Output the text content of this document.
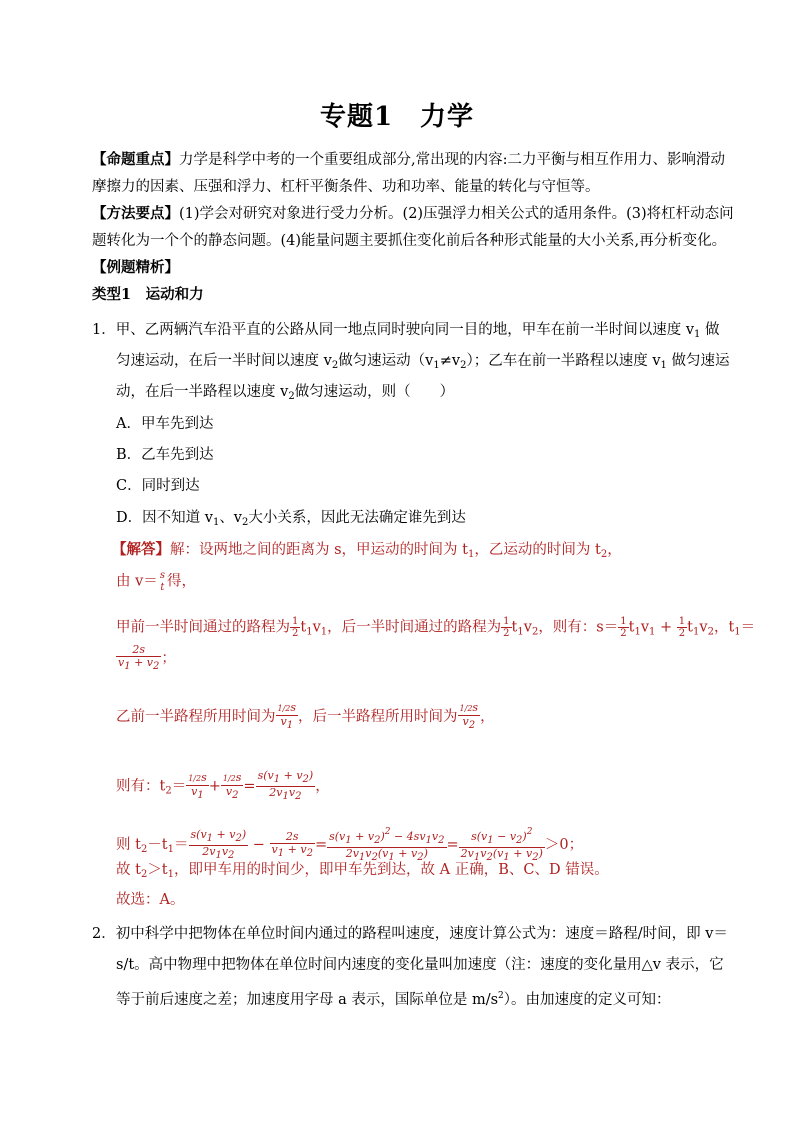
专题1　力学
【命题重点】力学是科学中考的一个重要组成部分,常出现的内容:二力平衡与相互作用力、影响滑动
摩擦力的因素、压强和浮力、杠杆平衡条件、功和功率、能量的转化与守恒等。
【方法要点】(1)学会对研究对象进行受力分析。(2)压强浮力相关公式的适用条件。(3)将杠杆动态问
题转化为一个个的静态问题。(4)能量问题主要抓住变化前后各种形式能量的大小关系,再分析变化。
【例题精析】
类型1　运动和力
1．甲、乙两辆汽车沿平直的公路从同一地点同时驶向同一目的地，甲车在前一半时间以速度 $v_1$ 做
匀速运动，在后一半时间以速度 $v_2$做匀速运动$(v_1\ne v_2)$；乙车在前一半路程以速度 $v_1$ 做匀速运
动，在后一半路程以速度 $v_2$做匀速运动，则（　　）
A．甲车先到达
B．乙车先到达
C．同时到达
D．因不知道 $v_1$、$v_2$大小关系，因此无法确定谁先到达
【解答】解：设两地之间的距离为 s，甲运动的时间为 $t_1$，乙运动的时间为 $t_2$，
由 v＝ s
t 得，
甲前一半时间通过的路程为 $\frac{1}{2} t_1v_1$，后一半时间通过的路程为 $\frac{1}{2} t_1v_2$，则有：$s= \frac{1}{2} t_1v_1 + \frac{1}{2} t_1v_2$，$t_1=$
$\frac{2s}{v_1 + v_2}$ ；
乙前一半路程所用时间为 $\frac{1/2s}{v_1}$ ，后一半路程所用时间为 $\frac{1/2s}{v_2}$ ，
则有：$t_2= \frac{1/2s}{v_1} + \frac{1/2s}{v_2} = \frac{s(v_1 + v_2)}{2v_1v_2}$ ，
则 $t_2-t_1= \frac{s(v_1 + v_2)}{2v_1v_2} - \frac{2s}{v_1 + v_2} = \frac{s(v_1 + v_2)^2 - 4sv_1v_2}{2v_1v_2(v_1 + v_2)} = \frac{s(v_1 - v_2)^2}{2v_1v_2(v_1 + v_2)} >0$；
故 $t_2>t_1$，即甲车用的时间少，即甲车先到达，故 A 正确，B、C、D 错误。
故选：A。
2．初中科学中把物体在单位时间内通过的路程叫速度，速度计算公式为：速度＝路程/时间，即 v＝
s/t。高中物理中把物体在单位时间内速度的变化量叫加速度（注：速度的变化量用△v 表示，它
等于前后速度之差；加速度用字母 a 表示，国际单位是 $m/s^2$）。由加速度的定义可知：
